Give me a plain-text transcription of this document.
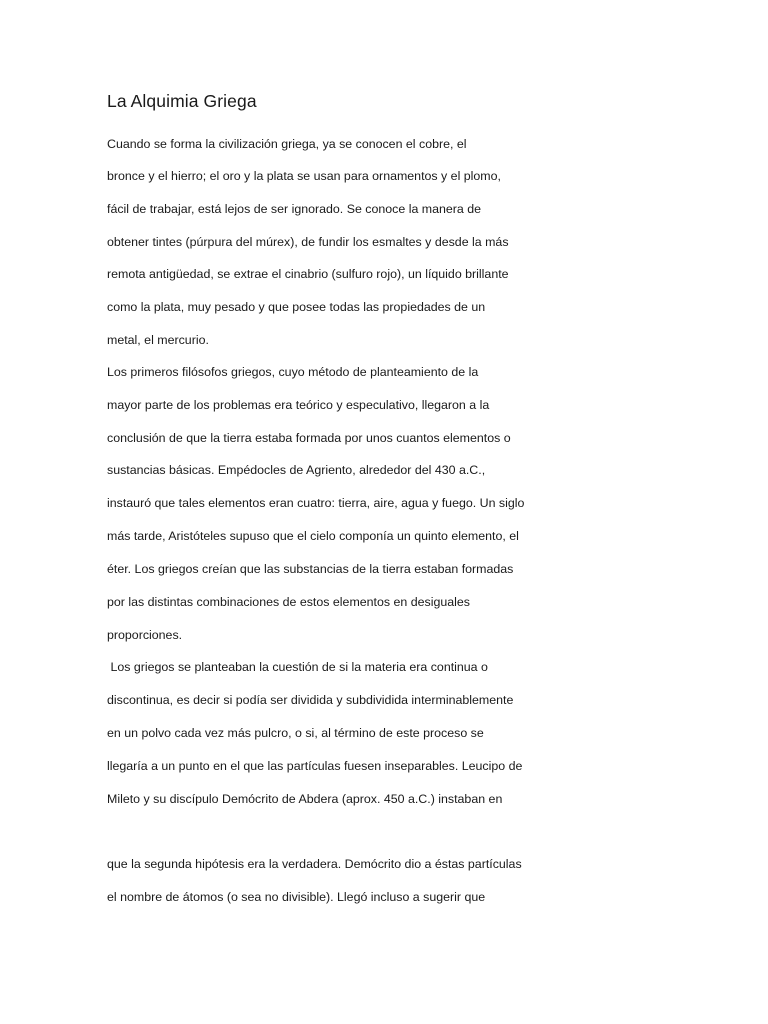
La Alquimia Griega
Cuando se forma la civilización griega, ya se conocen el cobre, el
bronce y el hierro; el oro y la plata se usan para ornamentos y el plomo,
fácil de trabajar, está lejos de ser ignorado. Se conoce la manera de
obtener tintes (púrpura del múrex), de fundir los esmaltes y desde la más
remota antigüedad, se extrae el cinabrio (sulfuro rojo), un líquido brillante
como la plata, muy pesado y que posee todas las propiedades de un
metal, el mercurio.
Los primeros filósofos griegos, cuyo método de planteamiento de la
mayor parte de los problemas era teórico y especulativo, llegaron a la
conclusión de que la tierra estaba formada por unos cuantos elementos o
sustancias básicas. Empédocles de Agriento, alrededor del 430 a.C.,
instauró que tales elementos eran cuatro: tierra, aire, agua y fuego. Un siglo
más tarde, Aristóteles supuso que el cielo componía un quinto elemento, el
éter. Los griegos creían que las substancias de la tierra estaban formadas
por las distintas combinaciones de estos elementos en desiguales
proporciones.
Los griegos se planteaban la cuestión de si la materia era continua o
discontinua, es decir si podía ser dividida y subdividida interminablemente
en un polvo cada vez más pulcro, o si, al término de este proceso se
llegaría a un punto en el que las partículas fuesen inseparables. Leucipo de
Mileto y su discípulo Demócrito de Abdera (aprox. 450 a.C.) instaban en
que la segunda hipótesis era la verdadera. Demócrito dio a éstas partículas
el nombre de átomos (o sea no divisible). Llegó incluso a sugerir que
